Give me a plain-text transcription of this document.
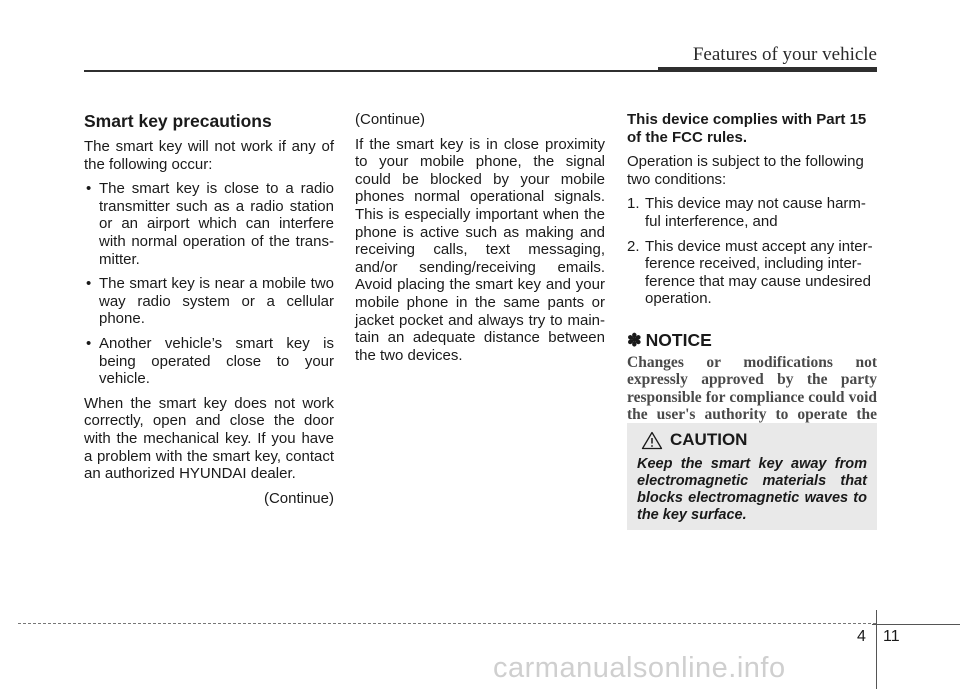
Features of your vehicle
Smart key precautions

The smart key will not work if any of the following occur:

• The smart key is close to a radio transmitter such as a radio station or an airport which can interfere with normal operation of the trans- mitter.
• The smart key is near a mobile two way radio system or a cellular phone.
• Another vehicle’s smart key is being operated close to your vehicle.

When the smart key does not work correctly, open and close the door with the mechanical key. If you have a problem with the smart key, contact an authorized HYUNDAI dealer.

(Continue)

(Continue)

If the smart key is in close proximity to your mobile phone, the signal could be blocked by your mobile phones normal operational signals. This is especially important when the phone is active such as making and receiving calls, text messaging, and/or sending/receiving emails. Avoid placing the smart key and your mobile phone in the same pants or jacket pocket and always try to main- tain an adequate distance between the two devices.

This device complies with Part 15 of the FCC rules.

Operation is subject to the following two conditions:

1. This device may not cause harm- ful interference, and
2. This device must accept any inter- ference received, including inter- ference that may cause undesired operation.
✽ NOTICE

Changes or modifications not expressly approved by the party responsible for compliance could void the user's authority to operate the

CAUTION

Keep the smart key away from electromagnetic materials that blocks electromagnetic waves to the key surface.

4 11
carmanualsonline.info
